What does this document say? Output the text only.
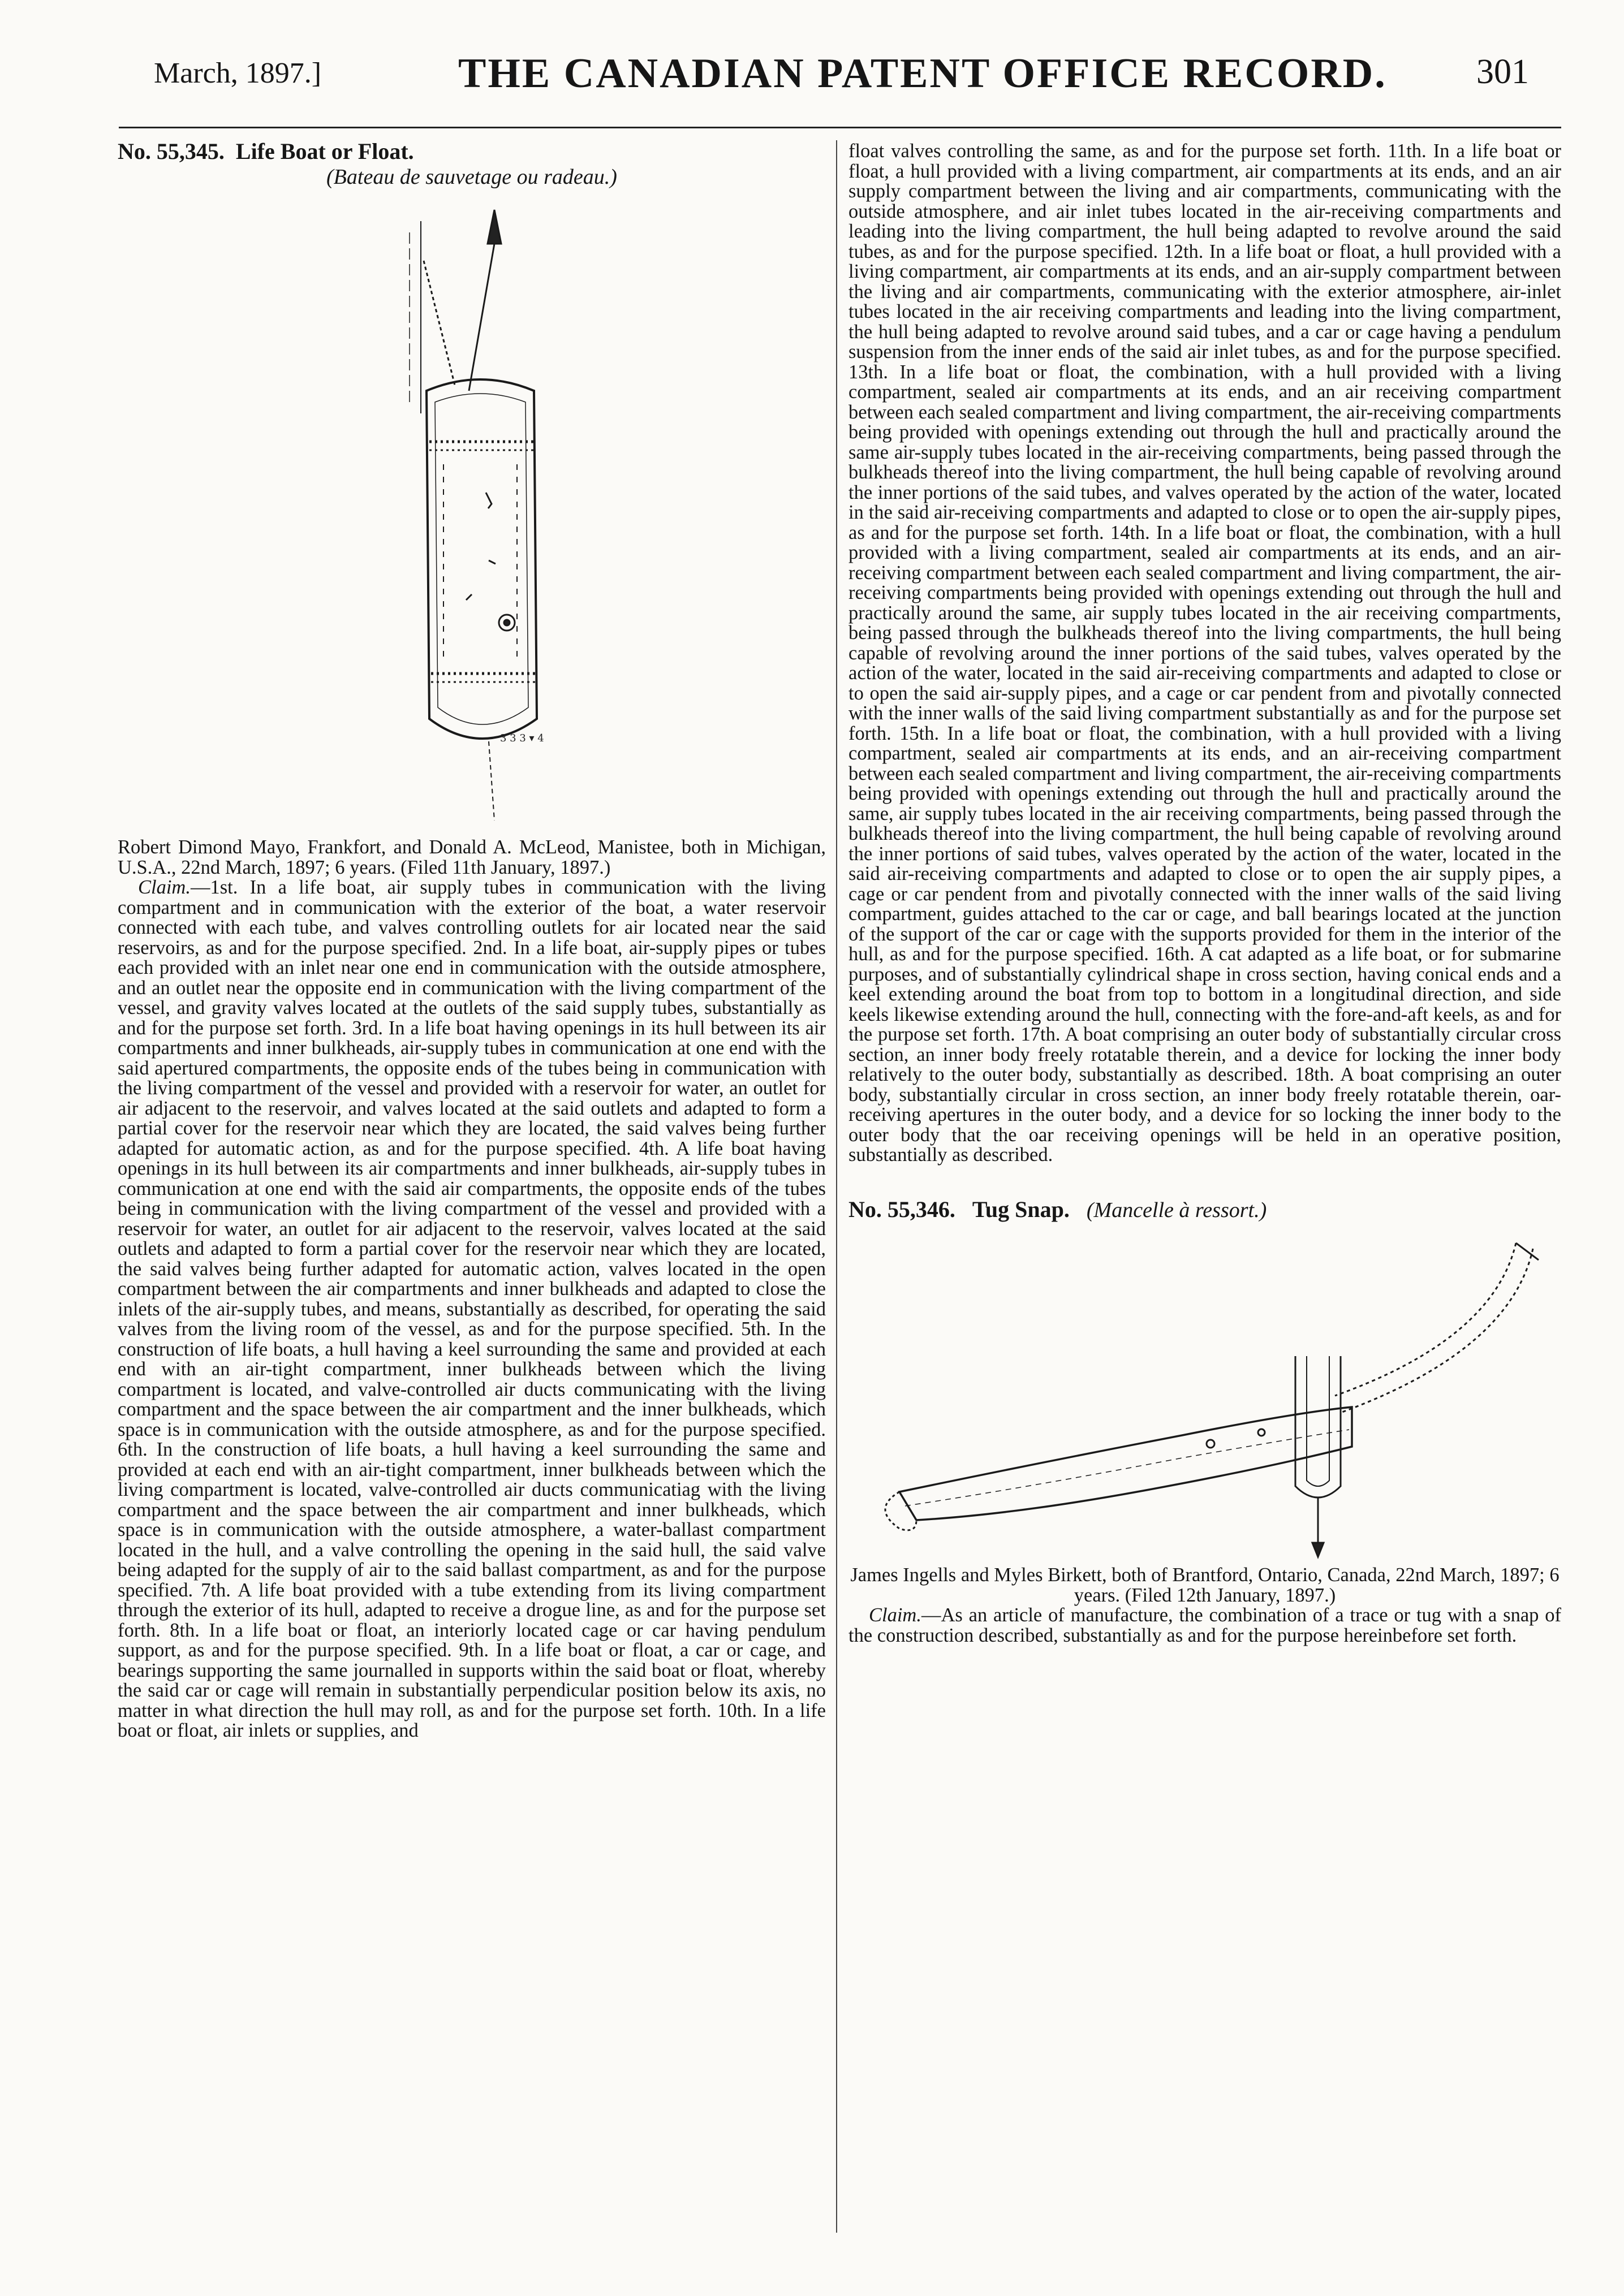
March, 1897.]	THE CANADIAN PATENT OFFICE RECORD.	301
No. 55,345. Life Boat or Float.
(Bateau de sauvetage ou radeau.)
3 3 3 ▾ 4

Robert Dimond Mayo, Frankfort, and Donald A. McLeod, Manistee, both in Michigan, U.S.A., 22nd March, 1897; 6 years. (Filed 11th January, 1897.)

Claim.—1st. In a life boat, air supply tubes in communication with the living compartment and in communication with the exterior of the boat, a water reservoir connected with each tube, and valves controlling outlets for air located near the said reservoirs, as and for the purpose specified. 2nd. In a life boat, air-supply pipes or tubes each provided with an inlet near one end in communication with the outside atmosphere, and an outlet near the opposite end in communication with the living compartment of the vessel, and gravity valves located at the outlets of the said supply tubes, substantially as and for the purpose set forth. 3rd. In a life boat having openings in its hull between its air compartments and inner bulkheads, air-supply tubes in communication at one end with the said apertured compartments, the opposite ends of the tubes being in communication with the living compartment of the vessel and provided with a reservoir for water, an outlet for air adjacent to the reservoir, and valves located at the said outlets and adapted to form a partial cover for the reservoir near which they are located, the said valves being further adapted for automatic action, as and for the purpose specified. 4th. A life boat having openings in its hull between its air compartments and inner bulkheads, air-supply tubes in communication at one end with the said air compartments, the opposite ends of the tubes being in communication with the living compartment of the vessel and provided with a reservoir for water, an outlet for air adjacent to the reservoir, valves located at the said outlets and adapted to form a partial cover for the reservoir near which they are located, the said valves being further adapted for automatic action, valves located in the open compartment between the air compartments and inner bulkheads and adapted to close the inlets of the air-supply tubes, and means, substantially as described, for operating the said valves from the living room of the vessel, as and for the purpose specified. 5th. In the construction of life boats, a hull having a keel surrounding the same and provided at each end with an air-tight compartment, inner bulkheads between which the living compartment is located, and valve-controlled air ducts communicating with the living compartment and the space between the air compartment and the inner bulkheads, which space is in communication with the outside atmosphere, as and for the purpose specified. 6th. In the construction of life boats, a hull having a keel surrounding the same and provided at each end with an air-tight compartment, inner bulkheads between which the living compartment is located, valve-controlled air ducts communicatiag with the living compartment and the space between the air compartment and inner bulkheads, which space is in communication with the outside atmosphere, a water-ballast compartment located in the hull, and a valve controlling the opening in the said hull, the said valve being adapted for the supply of air to the said ballast compartment, as and for the purpose specified. 7th. A life boat provided with a tube extending from its living compartment through the exterior of its hull, adapted to receive a drogue line, as and for the purpose set forth. 8th. In a life boat or float, an interiorly located cage or car having pendulum support, as and for the purpose specified. 9th. In a life boat or float, a car or cage, and bearings supporting the same journalled in supports within the said boat or float, whereby the said car or cage will remain in substantially perpendicular position below its axis, no matter in what direction the hull may roll, as and for the purpose set forth. 10th. In a life boat or float, air inlets or supplies, and

float valves controlling the same, as and for the purpose set forth. 11th. In a life boat or float, a hull provided with a living compartment, air compartments at its ends, and an air supply compartment between the living and air compartments, communicating with the outside atmosphere, and air inlet tubes located in the air-receiving compartments and leading into the living compartment, the hull being adapted to revolve around the said tubes, as and for the purpose specified. 12th. In a life boat or float, a hull provided with a living compartment, air compartments at its ends, and an air-supply compartment between the living and air compartments, communicating with the exterior atmosphere, air-inlet tubes located in the air receiving compartments and leading into the living compartment, the hull being adapted to revolve around said tubes, and a car or cage having a pendulum suspension from the inner ends of the said air inlet tubes, as and for the purpose specified. 13th. In a life boat or float, the combination, with a hull provided with a living compartment, sealed air compartments at its ends, and an air receiving compartment between each sealed compartment and living compartment, the air-receiving compartments being provided with openings extending out through the hull and practically around the same air-supply tubes located in the air-receiving compartments, being passed through the bulkheads thereof into the living compartment, the hull being capable of revolving around the inner portions of the said tubes, and valves operated by the action of the water, located in the said air-receiving compartments and adapted to close or to open the air-supply pipes, as and for the purpose set forth. 14th. In a life boat or float, the combination, with a hull provided with a living compartment, sealed air compartments at its ends, and an air-receiving compartment between each sealed compartment and living compartment, the air-receiving compartments being provided with openings extending out through the hull and practically around the same, air supply tubes located in the air receiving compartments, being passed through the bulkheads thereof into the living compartments, the hull being capable of revolving around the inner portions of the said tubes, valves operated by the action of the water, located in the said air-receiving compartments and adapted to close or to open the said air-supply pipes, and a cage or car pendent from and pivotally connected with the inner walls of the said living compartment substantially as and for the purpose set forth. 15th. In a life boat or float, the combination, with a hull provided with a living compartment, sealed air compartments at its ends, and an air-receiving compartment between each sealed compartment and living compartment, the air-receiving compartments being provided with openings extending out through the hull and practically around the same, air supply tubes located in the air receiving compartments, being passed through the bulkheads thereof into the living compartment, the hull being capable of revolving around the inner portions of said tubes, valves operated by the action of the water, located in the said air-receiving compartments and adapted to close or to open the air supply pipes, a cage or car pendent from and pivotally connected with the inner walls of the said living compartment, guides attached to the car or cage, and ball bearings located at the junction of the support of the car or cage with the supports provided for them in the interior of the hull, as and for the purpose specified. 16th. A cat adapted as a life boat, or for submarine purposes, and of substantially cylindrical shape in cross section, having conical ends and a keel extending around the boat from top to bottom in a longitudinal direction, and side keels likewise extending around the hull, connecting with the fore-and-aft keels, as and for the purpose set forth. 17th. A boat comprising an outer body of substantially circular cross section, an inner body freely rotatable therein, and a device for locking the inner body relatively to the outer body, substantially as described. 18th. A boat comprising an outer body, substantially circular in cross section, an inner body freely rotatable therein, oar-receiving apertures in the outer body, and a device for so locking the inner body to the outer body that the oar receiving openings will be held in an operative position, substantially as described.

No. 55,346. Tug Snap. (Mancelle à ressort.)

James Ingells and Myles Birkett, both of Brantford, Ontario, Canada, 22nd March, 1897; 6 years. (Filed 12th January, 1897.)

Claim.—As an article of manufacture, the combination of a trace or tug with a snap of the construction described, substantially as and for the purpose hereinbefore set forth.
